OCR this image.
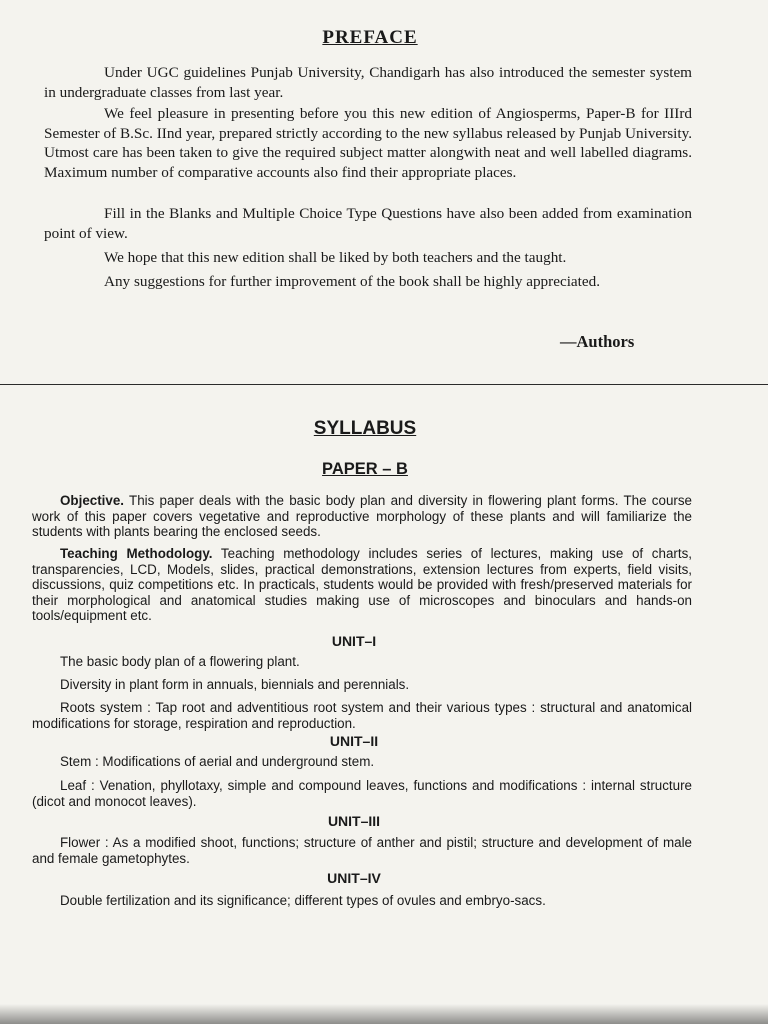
PREFACE

Under UGC guidelines Punjab University, Chandigarh has also introduced the semester system in undergraduate classes from last year.

We feel pleasure in presenting before you this new edition of Angiosperms, Paper-B for IIIrd Semester of B.Sc. IInd year, prepared strictly according to the new syllabus released by Punjab University. Utmost care has been taken to give the required subject matter alongwith neat and well labelled diagrams. Maximum number of comparative accounts also find their appropriate places.

Fill in the Blanks and Multiple Choice Type Questions have also been added from examination point of view.

We hope that this new edition shall be liked by both teachers and the taught.

Any suggestions for further improvement of the book shall be highly appreciated.

—Authors
SYLLABUS
PAPER – B

Objective. This paper deals with the basic body plan and diversity in flowering plant forms. The course work of this paper covers vegetative and reproductive morphology of these plants and will familiarize the students with plants bearing the enclosed seeds.

Teaching Methodology. Teaching methodology includes series of lectures, making use of charts, transparencies, LCD, Models, slides, practical demonstrations, extension lectures from experts, field visits, discussions, quiz competitions etc. In practicals, students would be provided with fresh/preserved materials for their morphological and anatomical studies making use of microscopes and binoculars and hands-on tools/equipment etc.

UNIT–I

The basic body plan of a flowering plant.

Diversity in plant form in annuals, biennials and perennials.

Roots system : Tap root and adventitious root system and their various types : structural and anatomical modifications for storage, respiration and reproduction.

UNIT–II

Stem : Modifications of aerial and underground stem.

Leaf : Venation, phyllotaxy, simple and compound leaves, functions and modifications : internal structure (dicot and monocot leaves).

UNIT–III

Flower : As a modified shoot, functions; structure of anther and pistil; structure and development of male and female gametophytes.

UNIT–IV

Double fertilization and its significance; different types of ovules and embryo-sacs.
